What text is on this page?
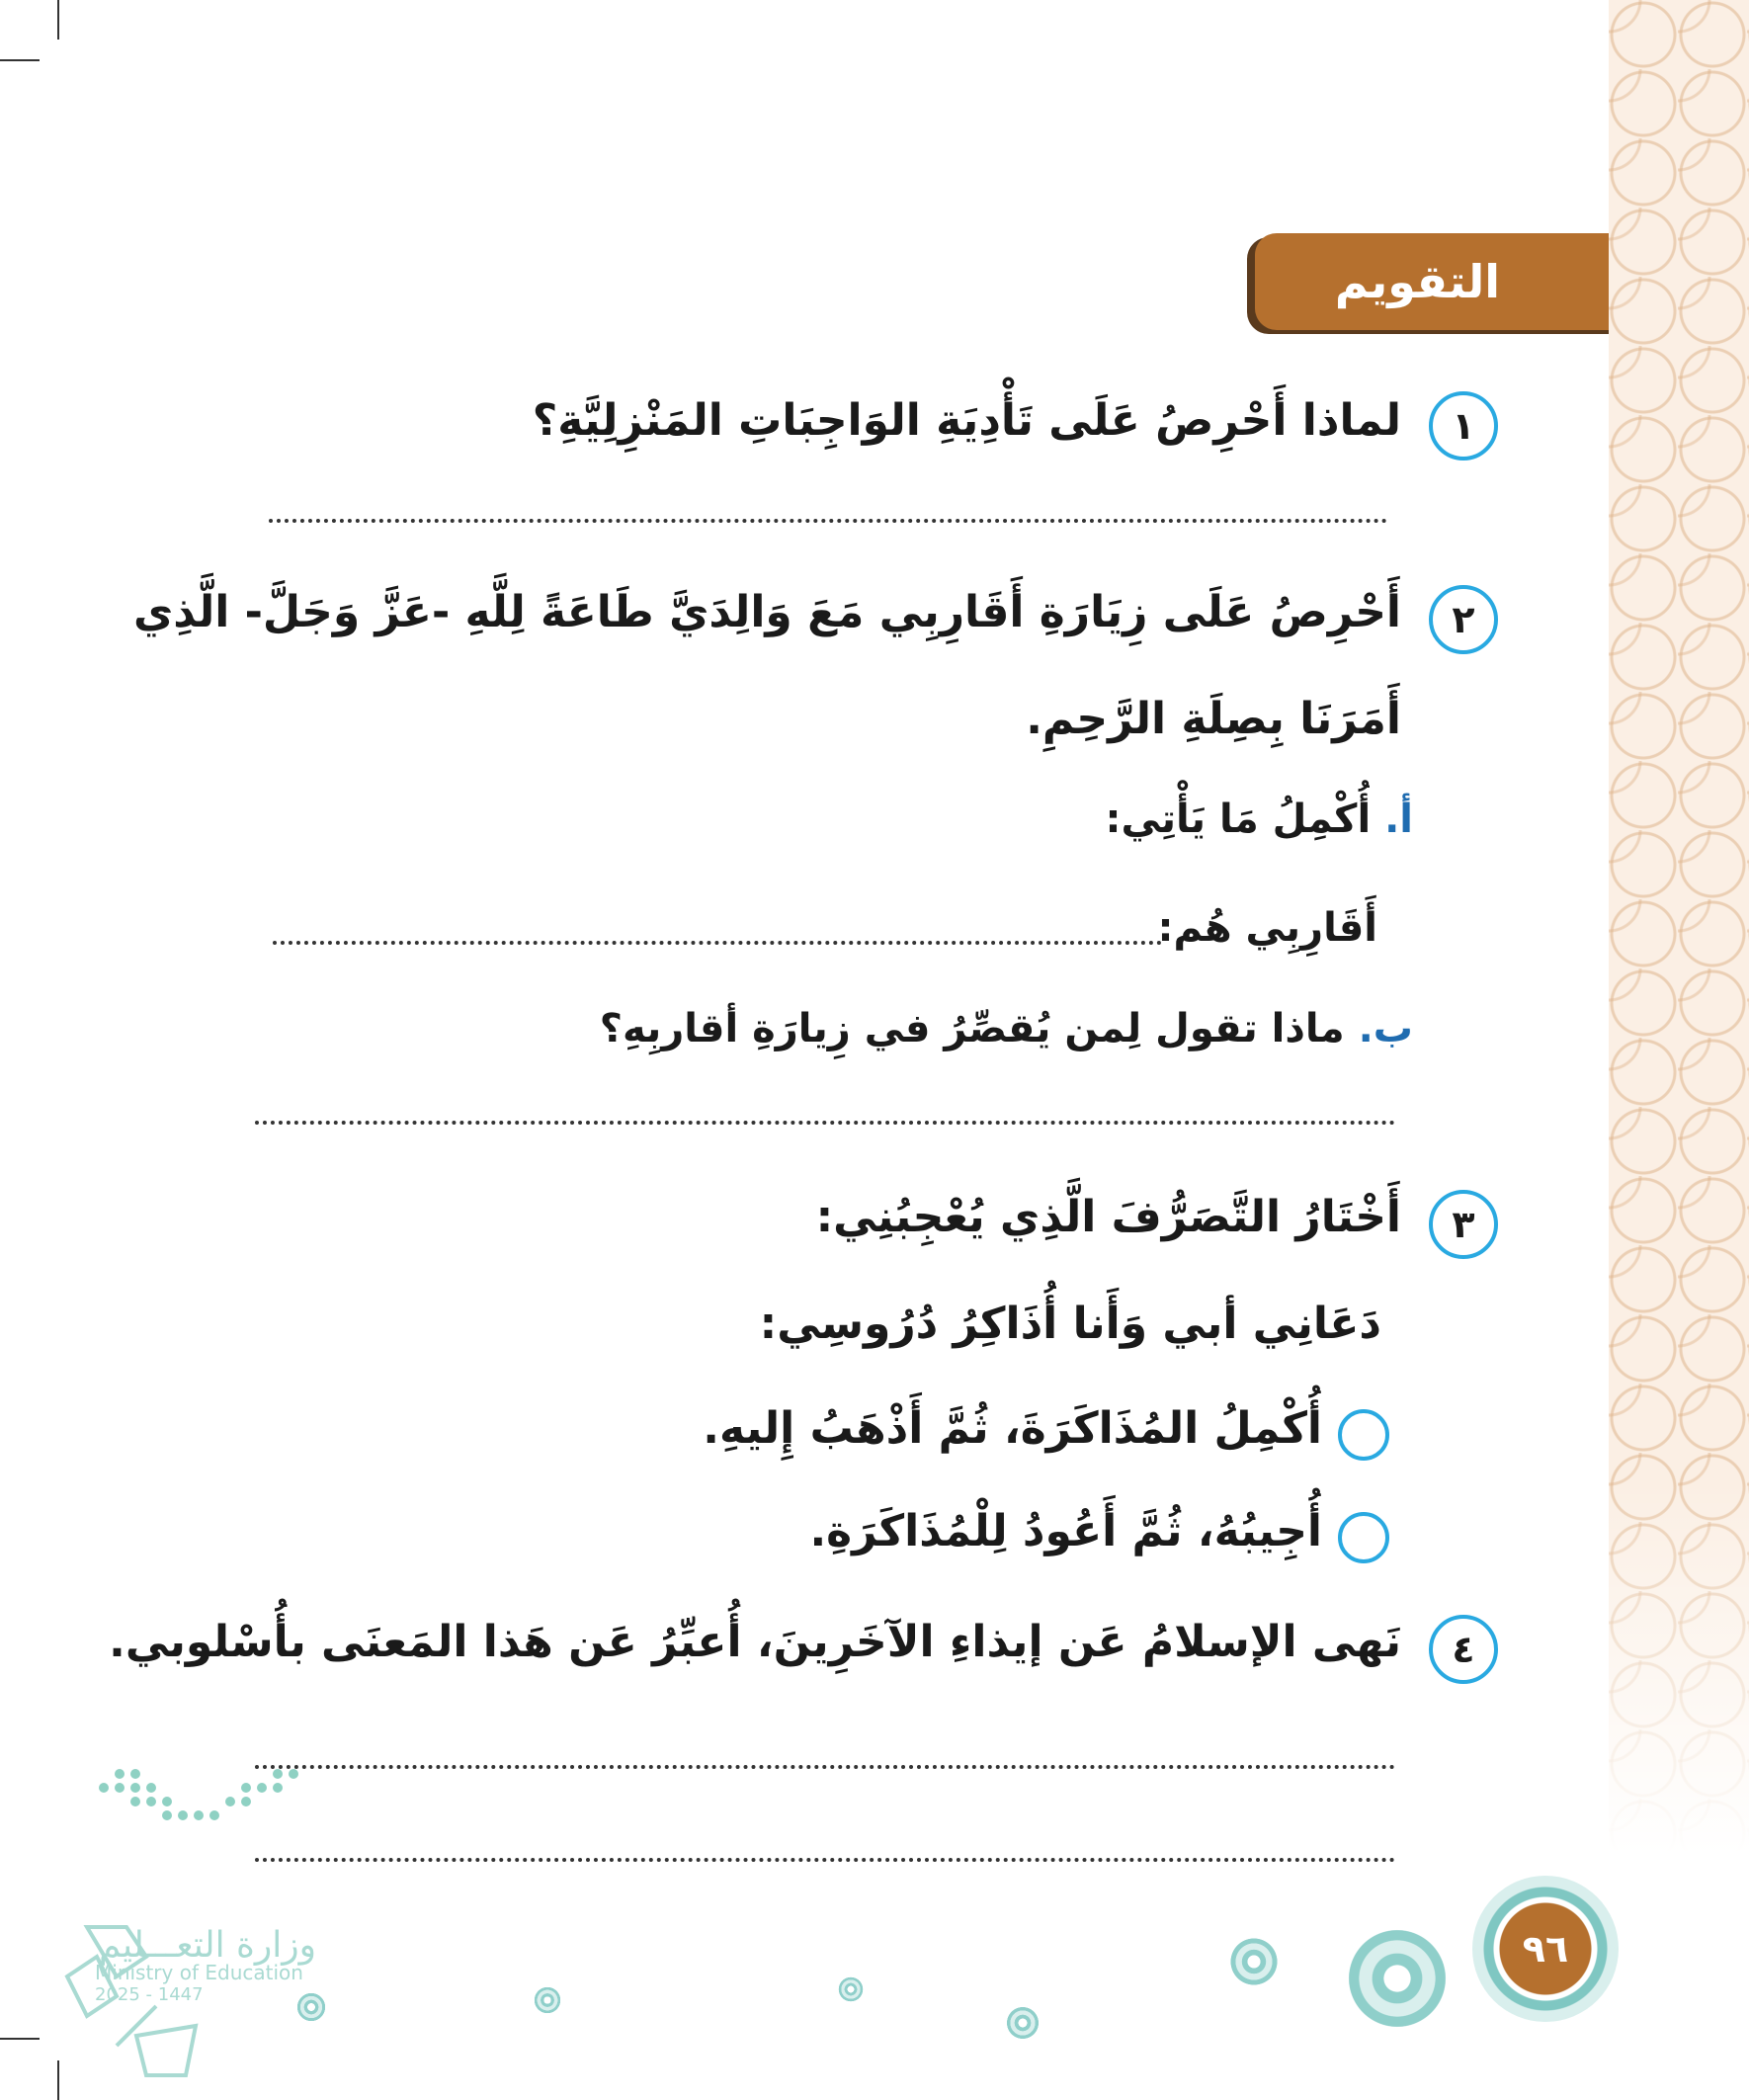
التقويم
١
لماذا أَحْرِصُ عَلَى تَأْدِيَةِ الوَاجِبَاتِ المَنْزِلِيَّةِ؟
٢
أَحْرِصُ عَلَى زِيَارَةِ أَقَارِبِي مَعَ وَالِدَيَّ طَاعَةً لِلَّهِ -عَزَّ وَجَلَّ- الَّذِي
أَمَرَنَا بِصِلَةِ الرَّحِمِ.
أ. أُكْمِلُ مَا يَأْتِي:
أَقَارِبِي هُم:
ب. ماذا تقول لِمن يُقصِّرُ في زِيارَةِ أقاربِهِ؟
٣
أَخْتَارُ التَّصَرُّفَ الَّذِي يُعْجِبُنِي:
دَعَانِي أبي وَأَنا أُذَاكِرُ دُرُوسِي:
أُكْمِلُ المُذَاكَرَةَ، ثُمَّ أَذْهَبُ إِليهِ.
أُجِيبُهُ، ثُمَّ أَعُودُ لِلْمُذَاكَرَةِ.
٤
نَهى الإسلامُ عَن إيذاءِ الآخَرِينَ، أُعبِّرُ عَن هَذا المَعنَى بأُسْلوبي.
٩٦
وزارة التعـــليم
Ministry of Education
2025 - 1447
